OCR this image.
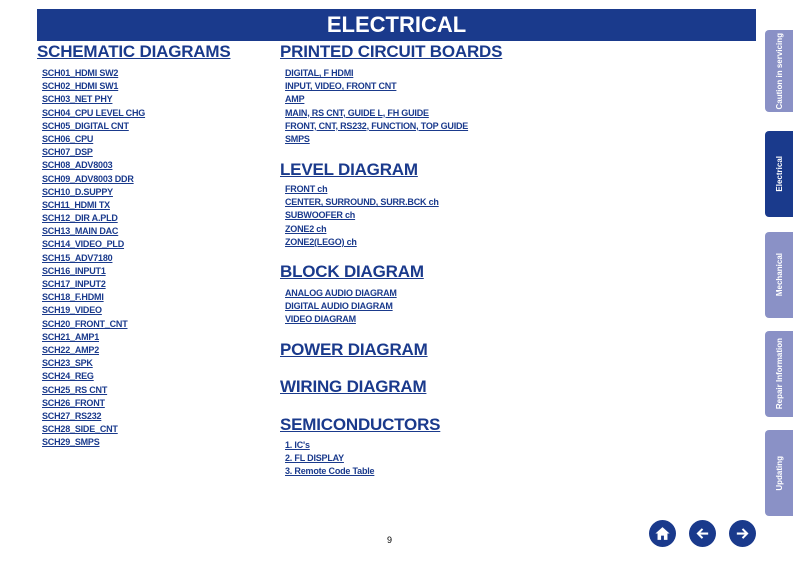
ELECTRICAL
SCHEMATIC DIAGRAMS
SCH01_HDMI SW2
SCH02_HDMI SW1
SCH03_NET PHY
SCH04_CPU LEVEL CHG
SCH05_DIGITAL CNT
SCH06_CPU
SCH07_DSP
SCH08_ADV8003
SCH09_ADV8003 DDR
SCH10_D.SUPPY
SCH11_HDMI TX
SCH12_DIR A.PLD
SCH13_MAIN DAC
SCH14_VIDEO_PLD
SCH15_ADV7180
SCH16_INPUT1
SCH17_INPUT2
SCH18_F.HDMI
SCH19_VIDEO
SCH20_FRONT_CNT
SCH21_AMP1
SCH22_AMP2
SCH23_SPK
SCH24_REG
SCH25_RS CNT
SCH26_FRONT
SCH27_RS232
SCH28_SIDE_CNT
SCH29_SMPS
PRINTED CIRCUIT BOARDS
DIGITAL, F HDMI
INPUT, VIDEO, FRONT CNT
AMP
MAIN, RS CNT, GUIDE L, FH GUIDE
FRONT, CNT, RS232, FUNCTION, TOP GUIDE
SMPS
LEVEL DIAGRAM
FRONT ch
CENTER, SURROUND, SURR.BCK ch
SUBWOOFER ch
ZONE2 ch
ZONE2(LEGO) ch
BLOCK DIAGRAM
ANALOG AUDIO DIAGRAM
DIGITAL AUDIO DIAGRAM
VIDEO DIAGRAM
POWER DIAGRAM
WIRING DIAGRAM
SEMICONDUCTORS
1. IC's
2. FL DISPLAY
3. Remote Code Table
Caution in servicing
Electrical
Mechanical
Repair Information
Updating
9
